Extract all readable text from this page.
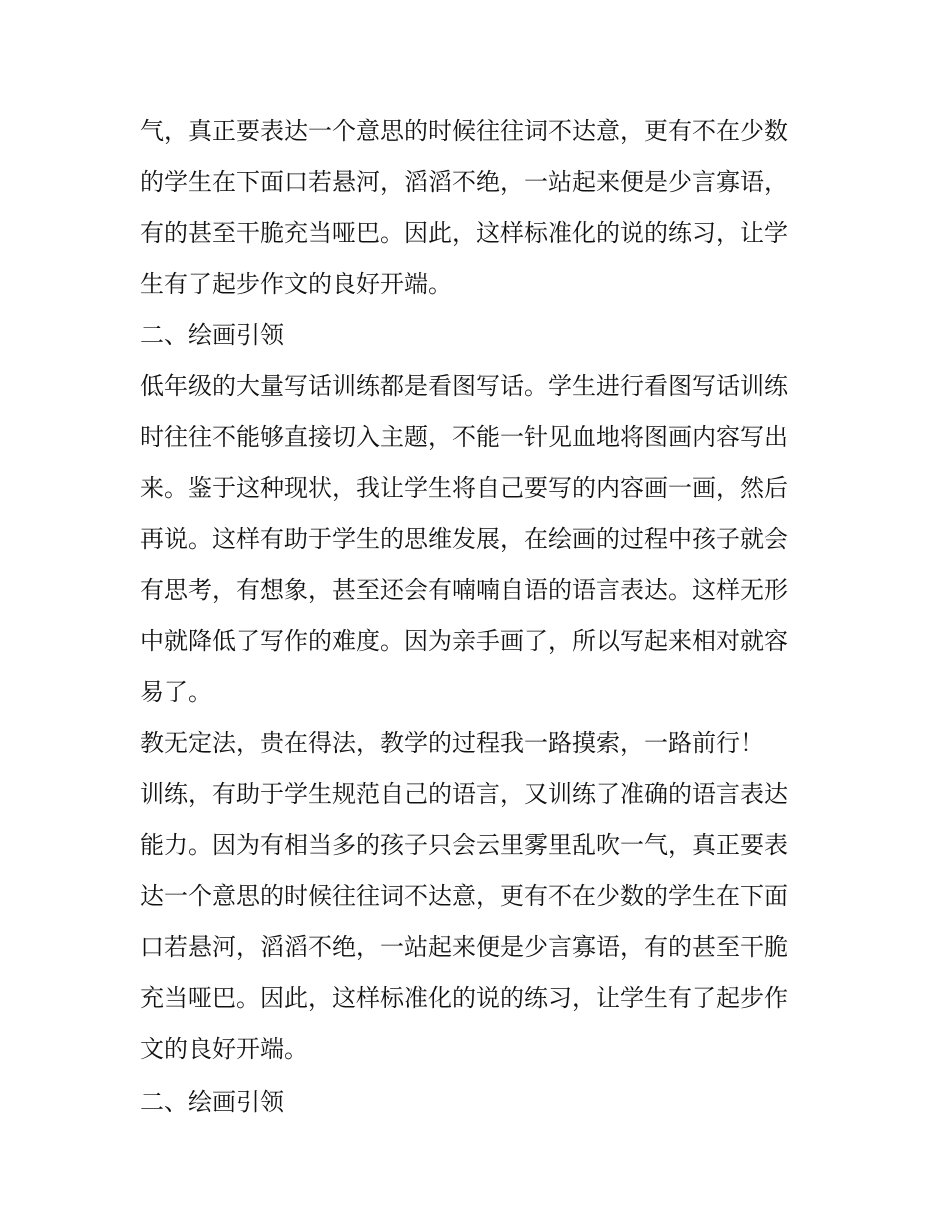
气，真正要表达一个意思的时候往往词不达意，更有不在少数
的学生在下面口若悬河，滔滔不绝，一站起来便是少言寡语，
有的甚至干脆充当哑巴。因此，这样标准化的说的练习，让学
生有了起步作文的良好开端。
二、绘画引领
低年级的大量写话训练都是看图写话。学生进行看图写话训练
时往往不能够直接切入主题，不能一针见血地将图画内容写出
来。鉴于这种现状，我让学生将自己要写的内容画一画，然后
再说。这样有助于学生的思维发展，在绘画的过程中孩子就会
有思考，有想象，甚至还会有喃喃自语的语言表达。这样无形
中就降低了写作的难度。因为亲手画了，所以写起来相对就容
易了。
教无定法，贵在得法，教学的过程我一路摸索，一路前行！
训练，有助于学生规范自己的语言，又训练了准确的语言表达
能力。因为有相当多的孩子只会云里雾里乱吹一气，真正要表
达一个意思的时候往往词不达意，更有不在少数的学生在下面
口若悬河，滔滔不绝，一站起来便是少言寡语，有的甚至干脆
充当哑巴。因此，这样标准化的说的练习，让学生有了起步作
文的良好开端。
二、绘画引领
